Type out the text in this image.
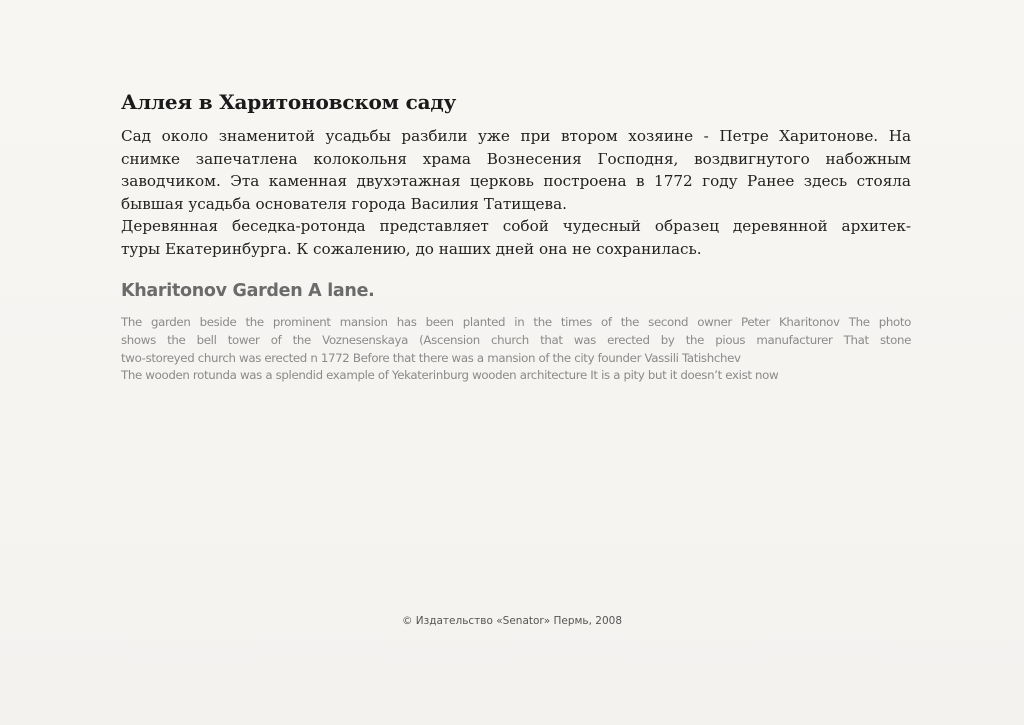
Аллея в Харитоновском саду
Сад около знаменитой усадьбы разбили уже при втором хозяине - Петре Харитонове. На
снимке запечатлена колокольня храма Вознесения Господня, воздвигнутого набожным
заводчиком. Эта каменная двухэтажная церковь построена в 1772 году Ранее здесь стояла
бывшая усадьба основателя города Василия Татищева.
Деревянная беседка-ротонда представляет собой чудесный образец деревянной архитек-
туры Екатеринбурга. К сожалению, до наших дней она не сохранилась.
Kharitonov Garden A lane.
The garden beside the prominent mansion has been planted in the times of the second owner Peter Kharitonov The photo
shows the bell tower of the Voznesenskaya (Ascension church that was erected by the pious manufacturer That stone
two-storeyed church was erected n 1772 Before that there was a mansion of the city founder Vassili Tatishchev
The wooden rotunda was a splendid example of Yekaterinburg wooden architecture It is a pity but it doesn’t exist now
© Издательство «Senator» Пермь, 2008
